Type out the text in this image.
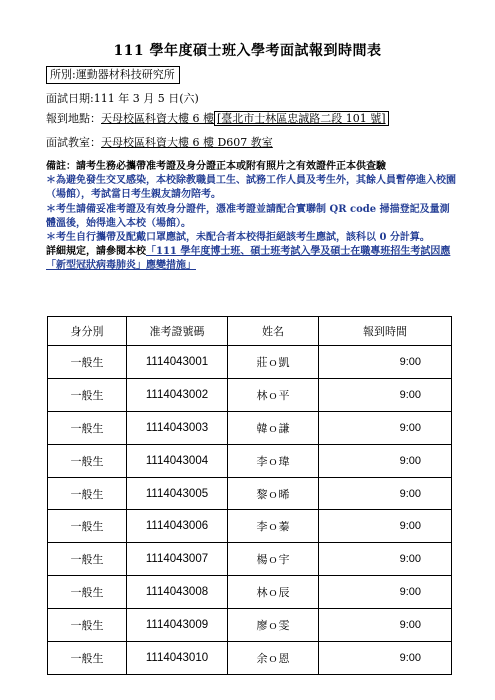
111 學年度碩士班入學考面試報到時間表
所別:運動器材科技研究所
面試日期:111 年 3 月 5 日(六)
報到地點：天母校區科資大樓 6 樓 [臺北市士林區忠誠路二段 101 號]
面試教室：天母校區科資大樓 6 樓 D607 教室

備註：請考生務必攜帶准考證及身分證正本或附有照片之有效證件正本供查驗

＊為避免發生交叉感染，本校除教職員工生、試務工作人員及考生外，其餘人員暫停進入校園（場館），考試當日考生親友請勿陪考。

＊考生請備妥准考證及有效身分證件，憑准考證並請配合實聯制 QR code 掃描登記及量測體溫後，始得進入本校（場館）。

＊考生自行攜帶及配戴口罩應試，未配合者本校得拒絕該考生應試，該科以 0 分計算。

詳細規定，請參閱本校「111 學年度博士班、碩士班考試入學及碩士在職專班招生考試因應「新型冠狀病毒肺炎」應變措施」

身分別	准考證號碼	姓名	報到時間
一般生	1114043001	莊ｏ凱	9:00
一般生	1114043002	林ｏ平	9:00
一般生	1114043003	韓ｏ謙	9:00
一般生	1114043004	李ｏ瑋	9:00
一般生	1114043005	黎ｏ晞	9:00
一般生	1114043006	李ｏ蓁	9:00
一般生	1114043007	楊ｏ宇	9:00
一般生	1114043008	林ｏ辰	9:00
一般生	1114043009	廖ｏ雯	9:00
一般生	1114043010	余ｏ恩	9:00
